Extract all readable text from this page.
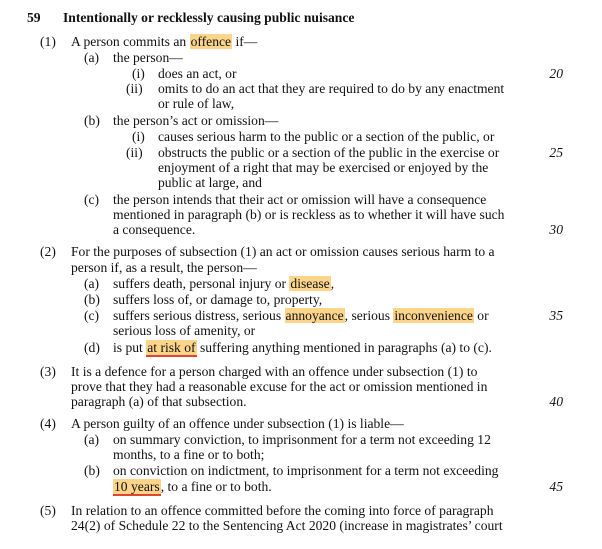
59 Intentionally or recklessly causing public nuisance
(1) A person commits an offence if—
(a) the person—
(i) does an act, or	20
(ii) omits to do an act that they are required to do by any enactment
or rule of law,
(b) the person’s act or omission—
(i) causes serious harm to the public or a section of the public, or
(ii) obstructs the public or a section of the public in the exercise or	25
enjoyment of a right that may be exercised or enjoyed by the
public at large, and
(c) the person intends that their act or omission will have a consequence
mentioned in paragraph (b) or is reckless as to whether it will have such
a consequence.	30
(2) For the purposes of subsection (1) an act or omission causes serious harm to a
person if, as a result, the person—
(a) suffers death, personal injury or disease,
(b) suffers loss of, or damage to, property,
(c) suffers serious distress, serious annoyance, serious inconvenience or	35
serious loss of amenity, or
(d) is put at risk of suffering anything mentioned in paragraphs (a) to (c).
(3) It is a defence for a person charged with an offence under subsection (1) to
prove that they had a reasonable excuse for the act or omission mentioned in
paragraph (a) of that subsection.	40
(4) A person guilty of an offence under subsection (1) is liable—
(a) on summary conviction, to imprisonment for a term not exceeding 12
months, to a fine or to both;
(b) on conviction on indictment, to imprisonment for a term not exceeding
10 years, to a fine or to both.	45
(5) In relation to an offence committed before the coming into force of paragraph
24(2) of Schedule 22 to the Sentencing Act 2020 (increase in magistrates’ court
